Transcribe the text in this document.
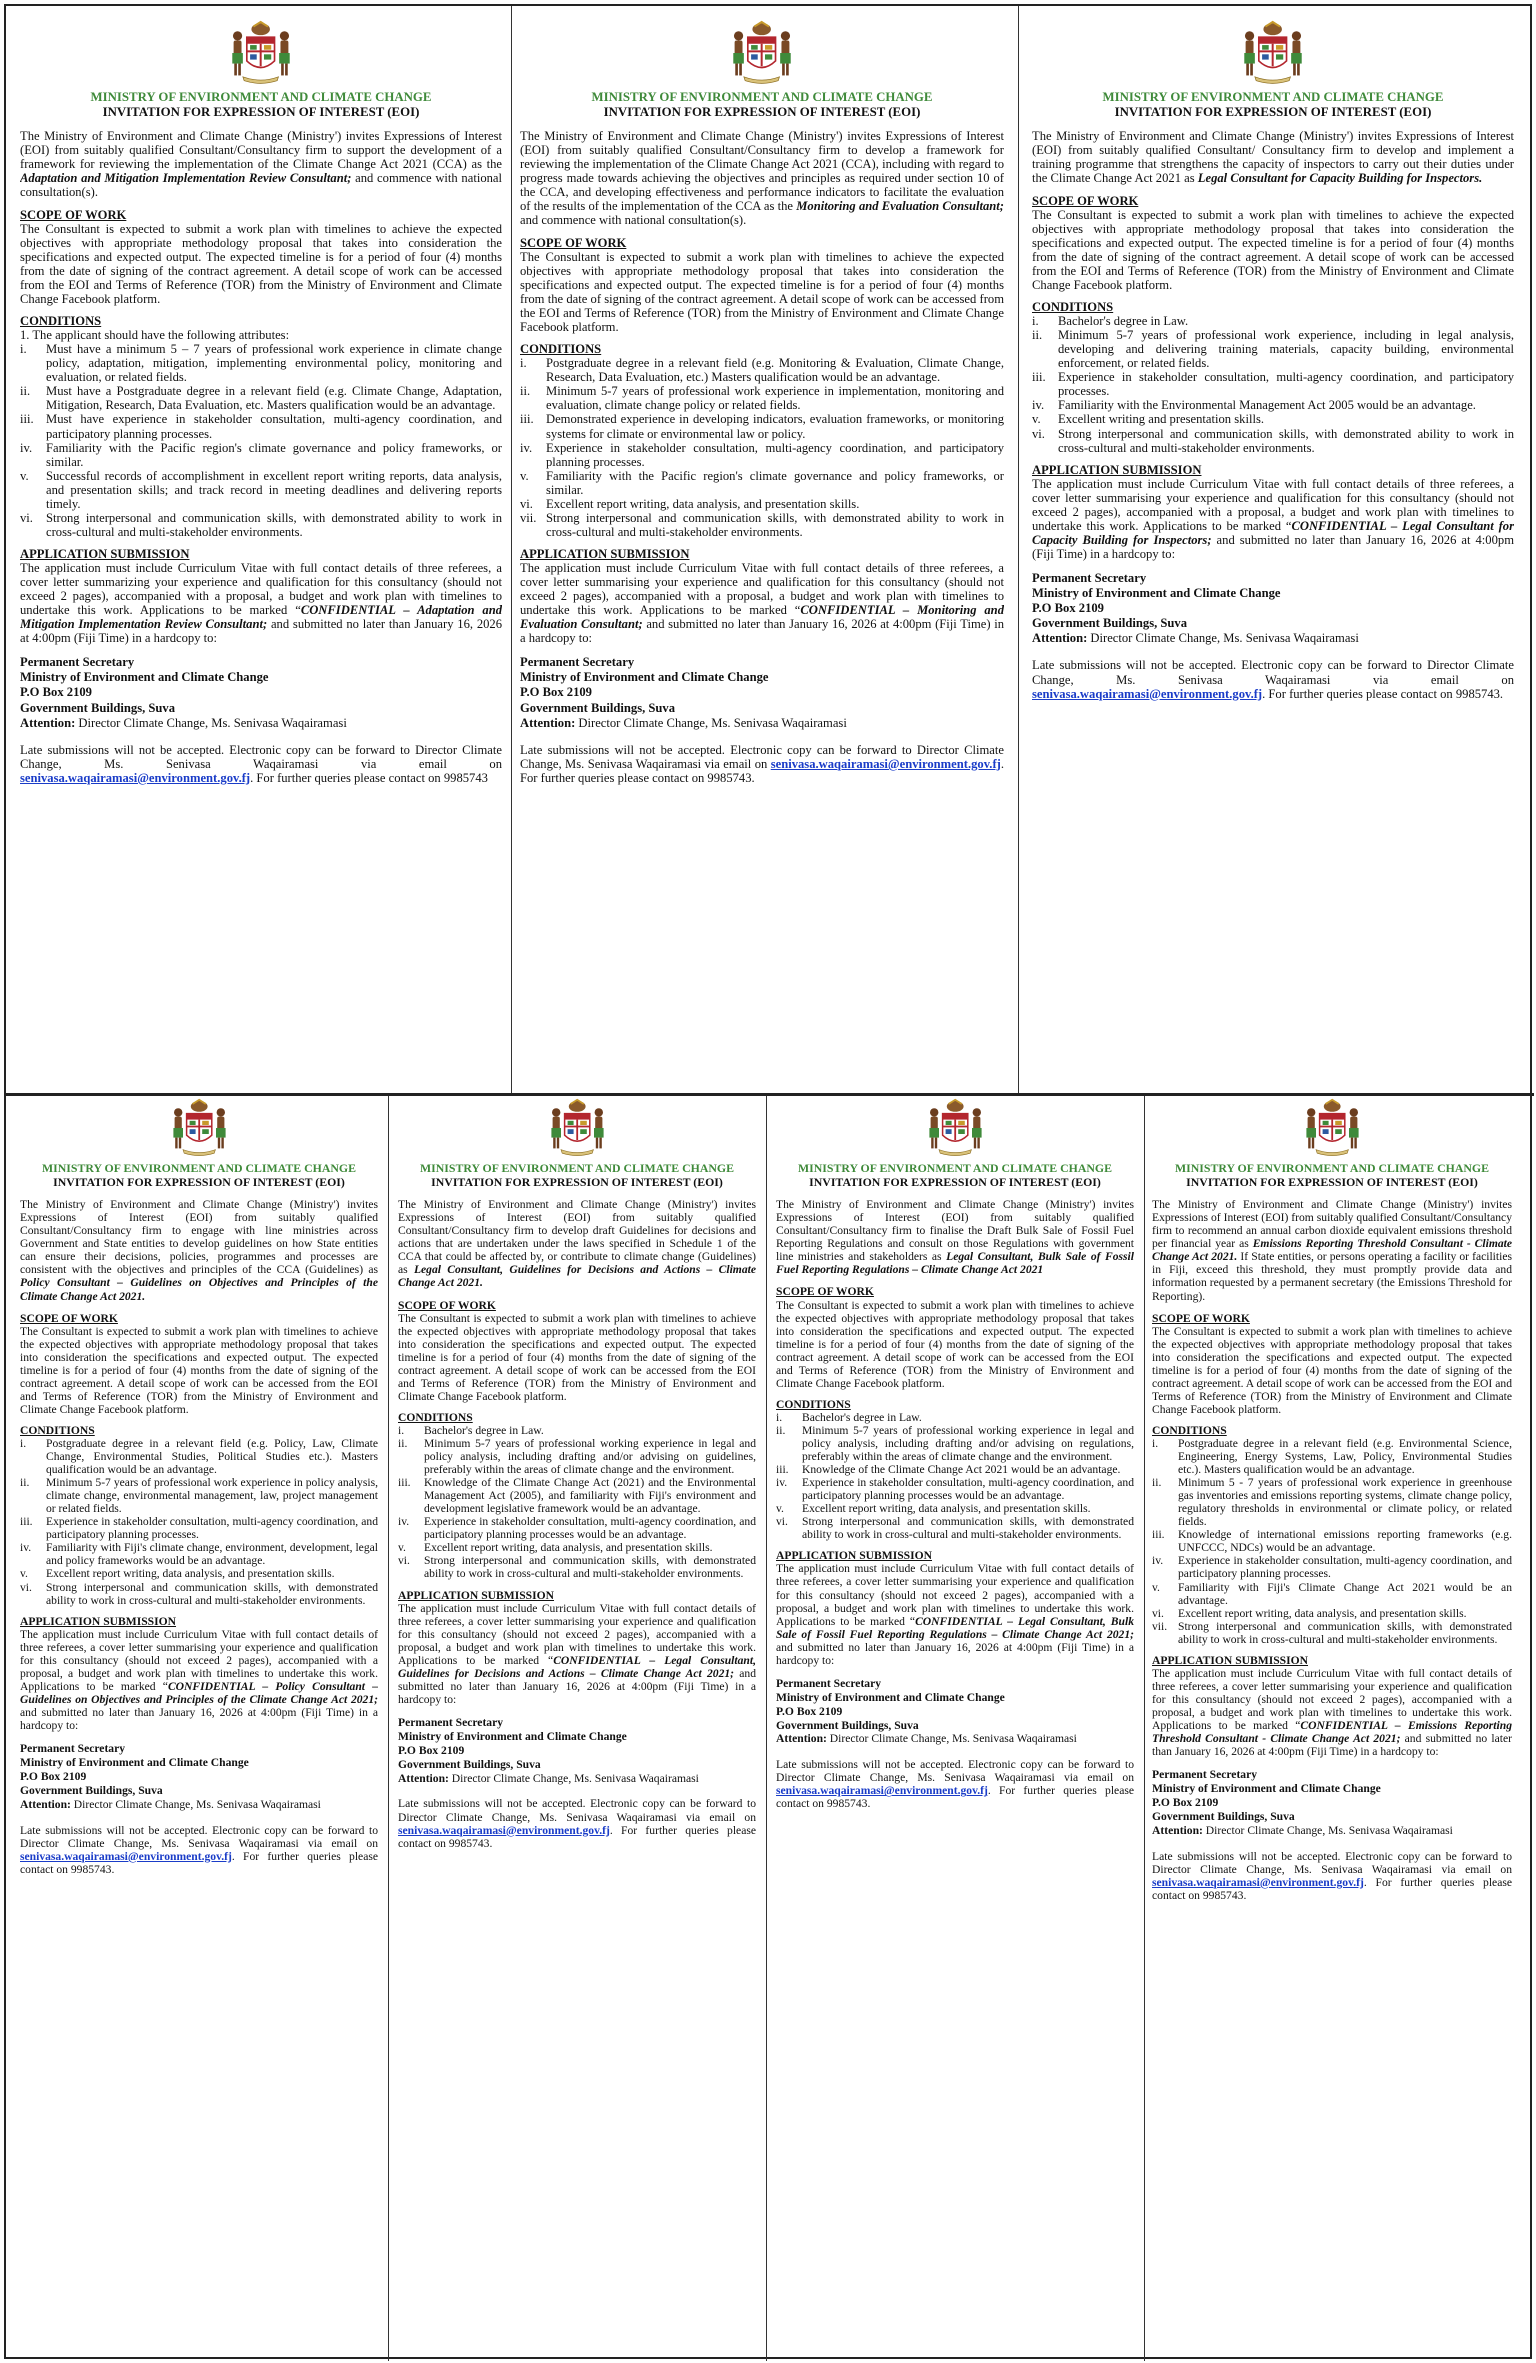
MINISTRY OF ENVIRONMENT AND CLIMATE CHANGE
INVITATION FOR EXPRESSION OF INTEREST (EOI)
The Ministry of Environment and Climate Change (Ministry') invites Expressions of Interest (EOI) from suitably qualified Consultant/Consultancy firm to support the development of a framework for reviewing the implementation of the Climate Change Act 2021 (CCA) as the Adaptation and Mitigation Implementation Review Consultant; and commence with national consultation(s).
SCOPE OF WORK
The Consultant is expected to submit a work plan with timelines to achieve the expected objectives with appropriate methodology proposal that takes into consideration the specifications and expected output. The expected timeline is for a period of four (4) months from the date of signing of the contract agreement. A detail scope of work can be accessed from the EOI and Terms of Reference (TOR) from the Ministry of Environment and Climate Change Facebook platform.
CONDITIONS
1. The applicant should have the following attributes:
i. Must have a minimum 5 – 7 years of professional work experience in climate change policy, adaptation, mitigation, implementing environmental policy, monitoring and evaluation, or related fields.
ii. Must have a Postgraduate degree in a relevant field (e.g. Climate Change, Adaptation, Mitigation, Research, Data Evaluation, etc. Masters qualification would be an advantage.
iii. Must have experience in stakeholder consultation, multi-agency coordination, and participatory planning processes.
iv. Familiarity with the Pacific region's climate governance and policy frameworks, or similar.
v. Successful records of accomplishment in excellent report writing reports, data analysis, and presentation skills; and track record in meeting deadlines and delivering reports timely.
vi. Strong interpersonal and communication skills, with demonstrated ability to work in cross-cultural and multi-stakeholder environments.
APPLICATION SUBMISSION
The application must include Curriculum Vitae with full contact details of three referees, a cover letter summarizing your experience and qualification for this consultancy (should not exceed 2 pages), accompanied with a proposal, a budget and work plan with timelines to undertake this work. Applications to be marked “CONFIDENTIAL – Adaptation and Mitigation Implementation Review Consultant; and submitted no later than January 16, 2026 at 4:00pm (Fiji Time) in a hardcopy to:
Permanent Secretary
Ministry of Environment and Climate Change
P.O Box 2109
Government Buildings, Suva
Attention: Director Climate Change, Ms. Senivasa Waqairamasi
Late submissions will not be accepted. Electronic copy can be forward to Director Climate Change, Ms. Senivasa Waqairamasi via email on senivasa.waqairamasi@environment.gov.fj. For further queries please contact on 9985743
MINISTRY OF ENVIRONMENT AND CLIMATE CHANGE
INVITATION FOR EXPRESSION OF INTEREST (EOI)
The Ministry of Environment and Climate Change (Ministry') invites Expressions of Interest (EOI) from suitably qualified Consultant/Consultancy firm to develop a framework for reviewing the implementation of the Climate Change Act 2021 (CCA), including with regard to progress made towards achieving the objectives and principles as required under section 10 of the CCA, and developing effectiveness and performance indicators to facilitate the evaluation of the results of the implementation of the CCA as the Monitoring and Evaluation Consultant; and commence with national consultation(s).
SCOPE OF WORK
The Consultant is expected to submit a work plan with timelines to achieve the expected objectives with appropriate methodology proposal that takes into consideration the specifications and expected output. The expected timeline is for a period of four (4) months from the date of signing of the contract agreement. A detail scope of work can be accessed from the EOI and Terms of Reference (TOR) from the Ministry of Environment and Climate Change Facebook platform.
CONDITIONS
i. Postgraduate degree in a relevant field (e.g. Monitoring & Evaluation, Climate Change, Research, Data Evaluation, etc.) Masters qualification would be an advantage.
ii. Minimum 5-7 years of professional work experience in implementation, monitoring and evaluation, climate change policy or related fields.
iii. Demonstrated experience in developing indicators, evaluation frameworks, or monitoring systems for climate or environmental law or policy.
iv. Experience in stakeholder consultation, multi-agency coordination, and participatory planning processes.
v. Familiarity with the Pacific region's climate governance and policy frameworks, or similar.
vi. Excellent report writing, data analysis, and presentation skills.
vii. Strong interpersonal and communication skills, with demonstrated ability to work in cross-cultural and multi-stakeholder environments.
APPLICATION SUBMISSION
The application must include Curriculum Vitae with full contact details of three referees, a cover letter summarising your experience and qualification for this consultancy (should not exceed 2 pages), accompanied with a proposal, a budget and work plan with timelines to undertake this work. Applications to be marked “CONFIDENTIAL – Monitoring and Evaluation Consultant; and submitted no later than January 16, 2026 at 4:00pm (Fiji Time) in a hardcopy to:
Permanent Secretary
Ministry of Environment and Climate Change
P.O Box 2109
Government Buildings, Suva
Attention: Director Climate Change, Ms. Senivasa Waqairamasi
Late submissions will not be accepted. Electronic copy can be forward to Director Climate Change, Ms. Senivasa Waqairamasi via email on senivasa.waqairamasi@environment.gov.fj. For further queries please contact on 9985743.
MINISTRY OF ENVIRONMENT AND CLIMATE CHANGE
INVITATION FOR EXPRESSION OF INTEREST (EOI)
The Ministry of Environment and Climate Change (Ministry') invites Expressions of Interest (EOI) from suitably qualified Consultant/ Consultancy firm to develop and implement a training programme that strengthens the capacity of inspectors to carry out their duties under the Climate Change Act 2021 as Legal Consultant for Capacity Building for Inspectors.
SCOPE OF WORK
The Consultant is expected to submit a work plan with timelines to achieve the expected objectives with appropriate methodology proposal that takes into consideration the specifications and expected output. The expected timeline is for a period of four (4) months from the date of signing of the contract agreement. A detail scope of work can be accessed from the EOI and Terms of Reference (TOR) from the Ministry of Environment and Climate Change Facebook platform.
CONDITIONS
i. Bachelor's degree in Law.
ii. Minimum 5-7 years of professional work experience, including in legal analysis, developing and delivering training materials, capacity building, environmental enforcement, or related fields.
iii. Experience in stakeholder consultation, multi-agency coordination, and participatory processes.
iv. Familiarity with the Environmental Management Act 2005 would be an advantage.
v. Excellent writing and presentation skills.
vi. Strong interpersonal and communication skills, with demonstrated ability to work in cross-cultural and multi-stakeholder environments.
APPLICATION SUBMISSION
The application must include Curriculum Vitae with full contact details of three referees, a cover letter summarising your experience and qualification for this consultancy (should not exceed 2 pages), accompanied with a proposal, a budget and work plan with timelines to undertake this work. Applications to be marked “CONFIDENTIAL – Legal Consultant for Capacity Building for Inspectors; and submitted no later than January 16, 2026 at 4:00pm (Fiji Time) in a hardcopy to:
Permanent Secretary
Ministry of Environment and Climate Change
P.O Box 2109
Government Buildings, Suva
Attention: Director Climate Change, Ms. Senivasa Waqairamasi
Late submissions will not be accepted. Electronic copy can be forward to Director Climate Change, Ms. Senivasa Waqairamasi via email on senivasa.waqairamasi@environment.gov.fj. For further queries please contact on 9985743.
MINISTRY OF ENVIRONMENT AND CLIMATE CHANGE
INVITATION FOR EXPRESSION OF INTEREST (EOI)
The Ministry of Environment and Climate Change (Ministry') invites Expressions of Interest (EOI) from suitably qualified Consultant/Consultancy firm to engage with line ministries across Government and State entities to develop guidelines on how State entities can ensure their decisions, policies, programmes and processes are consistent with the objectives and principles of the CCA (Guidelines) as Policy Consultant – Guidelines on Objectives and Principles of the Climate Change Act 2021.
SCOPE OF WORK
The Consultant is expected to submit a work plan with timelines to achieve the expected objectives with appropriate methodology proposal that takes into consideration the specifications and expected output. The expected timeline is for a period of four (4) months from the date of signing of the contract agreement. A detail scope of work can be accessed from the EOI and Terms of Reference (TOR) from the Ministry of Environment and Climate Change Facebook platform.
CONDITIONS
i. Postgraduate degree in a relevant field (e.g. Policy, Law, Climate Change, Environmental Studies, Political Studies etc.). Masters qualification would be an advantage.
ii. Minimum 5-7 years of professional work experience in policy analysis, climate change, environmental management, law, project management or related fields.
iii. Experience in stakeholder consultation, multi-agency coordination, and participatory planning processes.
iv. Familiarity with Fiji's climate change, environment, development, legal and policy frameworks would be an advantage.
v. Excellent report writing, data analysis, and presentation skills.
vi. Strong interpersonal and communication skills, with demonstrated ability to work in cross-cultural and multi-stakeholder environments.
APPLICATION SUBMISSION
The application must include Curriculum Vitae with full contact details of three referees, a cover letter summarising your experience and qualification for this consultancy (should not exceed 2 pages), accompanied with a proposal, a budget and work plan with timelines to undertake this work. Applications to be marked “CONFIDENTIAL – Policy Consultant – Guidelines on Objectives and Principles of the Climate Change Act 2021; and submitted no later than January 16, 2026 at 4:00pm (Fiji Time) in a hardcopy to:
Permanent Secretary
Ministry of Environment and Climate Change
P.O Box 2109
Government Buildings, Suva
Attention: Director Climate Change, Ms. Senivasa Waqairamasi
Late submissions will not be accepted. Electronic copy can be forward to Director Climate Change, Ms. Senivasa Waqairamasi via email on senivasa.waqairamasi@environment.gov.fj. For further queries please contact on 9985743.
MINISTRY OF ENVIRONMENT AND CLIMATE CHANGE
INVITATION FOR EXPRESSION OF INTEREST (EOI)
The Ministry of Environment and Climate Change (Ministry') invites Expressions of Interest (EOI) from suitably qualified Consultant/Consultancy firm to develop draft Guidelines for decisions and actions that are undertaken under the laws specified in Schedule 1 of the CCA that could be affected by, or contribute to climate change (Guidelines) as Legal Consultant, Guidelines for Decisions and Actions – Climate Change Act 2021.
SCOPE OF WORK
The Consultant is expected to submit a work plan with timelines to achieve the expected objectives with appropriate methodology proposal that takes into consideration the specifications and expected output. The expected timeline is for a period of four (4) months from the date of signing of the contract agreement. A detail scope of work can be accessed from the EOI and Terms of Reference (TOR) from the Ministry of Environment and Climate Change Facebook platform.
CONDITIONS
i. Bachelor's degree in Law.
ii. Minimum 5-7 years of professional working experience in legal and policy analysis, including drafting and/or advising on guidelines, preferably within the areas of climate change and the environment.
iii. Knowledge of the Climate Change Act (2021) and the Environmental Management Act (2005), and familiarity with Fiji's environment and development legislative framework would be an advantage.
iv. Experience in stakeholder consultation, multi-agency coordination, and participatory planning processes would be an advantage.
v. Excellent report writing, data analysis, and presentation skills.
vi. Strong interpersonal and communication skills, with demonstrated ability to work in cross-cultural and multi-stakeholder environments.
APPLICATION SUBMISSION
The application must include Curriculum Vitae with full contact details of three referees, a cover letter summarising your experience and qualification for this consultancy (should not exceed 2 pages), accompanied with a proposal, a budget and work plan with timelines to undertake this work. Applications to be marked “CONFIDENTIAL – Legal Consultant, Guidelines for Decisions and Actions – Climate Change Act 2021; and submitted no later than January 16, 2026 at 4:00pm (Fiji Time) in a hardcopy to:
Permanent Secretary
Ministry of Environment and Climate Change
P.O Box 2109
Government Buildings, Suva
Attention: Director Climate Change, Ms. Senivasa Waqairamasi
Late submissions will not be accepted. Electronic copy can be forward to Director Climate Change, Ms. Senivasa Waqairamasi via email on senivasa.waqairamasi@environment.gov.fj. For further queries please contact on 9985743.
MINISTRY OF ENVIRONMENT AND CLIMATE CHANGE
INVITATION FOR EXPRESSION OF INTEREST (EOI)
The Ministry of Environment and Climate Change (Ministry') invites Expressions of Interest (EOI) from suitably qualified Consultant/Consultancy firm to finalise the Draft Bulk Sale of Fossil Fuel Reporting Regulations and consult on those Regulations with government line ministries and stakeholders as Legal Consultant, Bulk Sale of Fossil Fuel Reporting Regulations – Climate Change Act 2021
SCOPE OF WORK
The Consultant is expected to submit a work plan with timelines to achieve the expected objectives with appropriate methodology proposal that takes into consideration the specifications and expected output. The expected timeline is for a period of four (4) months from the date of signing of the contract agreement. A detail scope of work can be accessed from the EOI and Terms of Reference (TOR) from the Ministry of Environment and Climate Change Facebook platform.
CONDITIONS
i. Bachelor's degree in Law.
ii. Minimum 5-7 years of professional working experience in legal and policy analysis, including drafting and/or advising on regulations, preferably within the areas of climate change and the environment.
iii. Knowledge of the Climate Change Act 2021 would be an advantage.
iv. Experience in stakeholder consultation, multi-agency coordination, and participatory planning processes would be an advantage.
v. Excellent report writing, data analysis, and presentation skills.
vi. Strong interpersonal and communication skills, with demonstrated ability to work in cross-cultural and multi-stakeholder environments.
APPLICATION SUBMISSION
The application must include Curriculum Vitae with full contact details of three referees, a cover letter summarising your experience and qualification for this consultancy (should not exceed 2 pages), accompanied with a proposal, a budget and work plan with timelines to undertake this work. Applications to be marked “CONFIDENTIAL – Legal Consultant, Bulk Sale of Fossil Fuel Reporting Regulations – Climate Change Act 2021; and submitted no later than January 16, 2026 at 4:00pm (Fiji Time) in a hardcopy to:
Permanent Secretary
Ministry of Environment and Climate Change
P.O Box 2109
Government Buildings, Suva
Attention: Director Climate Change, Ms. Senivasa Waqairamasi
Late submissions will not be accepted. Electronic copy can be forward to Director Climate Change, Ms. Senivasa Waqairamasi via email on senivasa.waqairamasi@environment.gov.fj. For further queries please contact on 9985743.
MINISTRY OF ENVIRONMENT AND CLIMATE CHANGE
INVITATION FOR EXPRESSION OF INTEREST (EOI)
The Ministry of Environment and Climate Change (Ministry') invites Expressions of Interest (EOI) from suitably qualified Consultant/Consultancy firm to recommend an annual carbon dioxide equivalent emissions threshold per financial year as Emissions Reporting Threshold Consultant - Climate Change Act 2021. If State entities, or persons operating a facility or facilities in Fiji, exceed this threshold, they must promptly provide data and information requested by a permanent secretary (the Emissions Threshold for Reporting).
SCOPE OF WORK
The Consultant is expected to submit a work plan with timelines to achieve the expected objectives with appropriate methodology proposal that takes into consideration the specifications and expected output. The expected timeline is for a period of four (4) months from the date of signing of the contract agreement. A detail scope of work can be accessed from the EOI and Terms of Reference (TOR) from the Ministry of Environment and Climate Change Facebook platform.
CONDITIONS
i. Postgraduate degree in a relevant field (e.g. Environmental Science, Engineering, Energy Systems, Law, Policy, Environmental Studies etc.). Masters qualification would be an advantage.
ii. Minimum 5 - 7 years of professional work experience in greenhouse gas inventories and emissions reporting systems, climate change policy, regulatory thresholds in environmental or climate policy, or related fields.
iii. Knowledge of international emissions reporting frameworks (e.g. UNFCCC, NDCs) would be an advantage.
iv. Experience in stakeholder consultation, multi-agency coordination, and participatory planning processes.
v. Familiarity with Fiji's Climate Change Act 2021 would be an advantage.
vi. Excellent report writing, data analysis, and presentation skills.
vii. Strong interpersonal and communication skills, with demonstrated ability to work in cross-cultural and multi-stakeholder environments.
APPLICATION SUBMISSION
The application must include Curriculum Vitae with full contact details of three referees, a cover letter summarising your experience and qualification for this consultancy (should not exceed 2 pages), accompanied with a proposal, a budget and work plan with timelines to undertake this work. Applications to be marked “CONFIDENTIAL – Emissions Reporting Threshold Consultant - Climate Change Act 2021; and submitted no later than January 16, 2026 at 4:00pm (Fiji Time) in a hardcopy to:
Permanent Secretary
Ministry of Environment and Climate Change
P.O Box 2109
Government Buildings, Suva
Attention: Director Climate Change, Ms. Senivasa Waqairamasi
Late submissions will not be accepted. Electronic copy can be forward to Director Climate Change, Ms. Senivasa Waqairamasi via email on senivasa.waqairamasi@environment.gov.fj. For further queries please contact on 9985743.
